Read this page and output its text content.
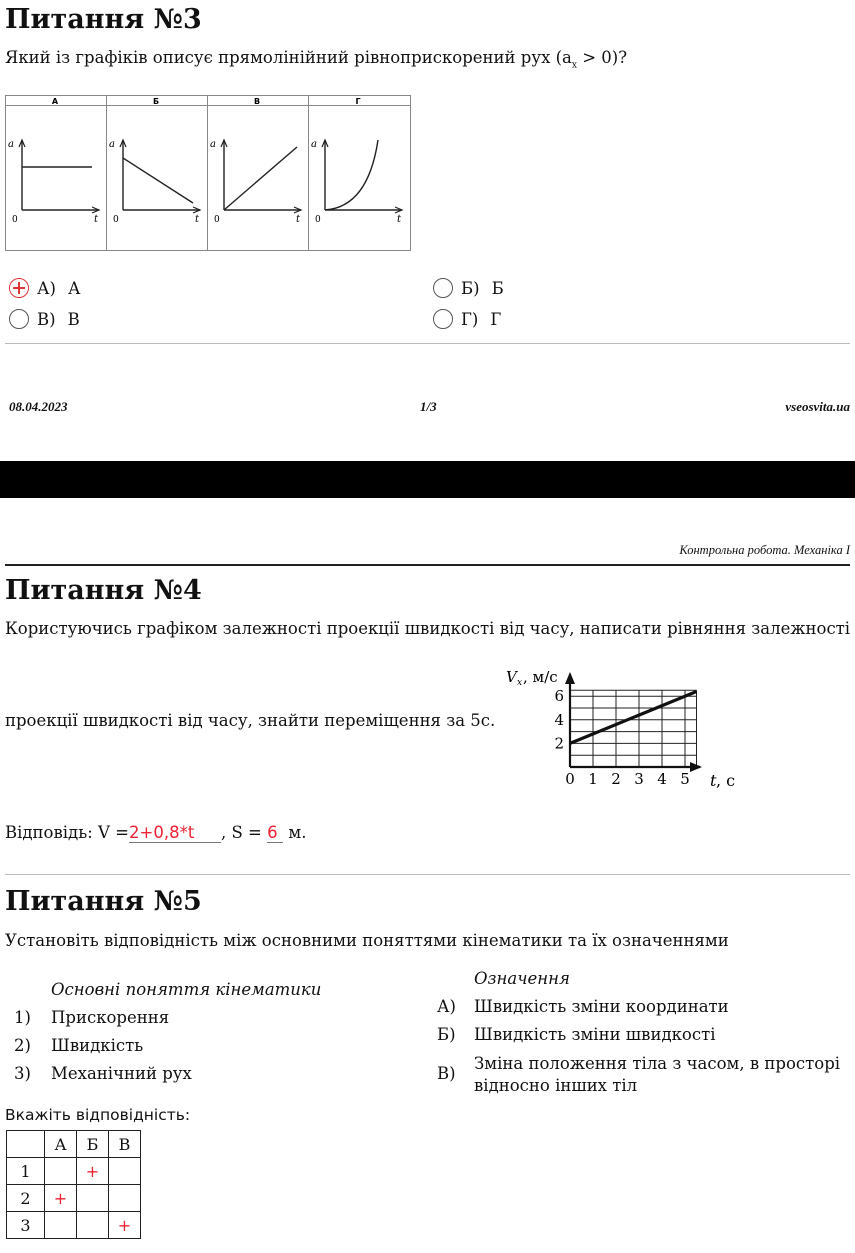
Питання №3
Який із графіків описує прямолінійний рівноприскорений рух $(a_x > 0)$?
А
a
t
0
Б
a
t
0
В
a
t
0
Г
a
t
0
А) А	Б) Б
В) В	Г) Г
08.04.2023	1/3	vseosvita.ua
Контрольна робота. Механіка І
Питання №4
Користуючись графіком залежності проекції швидкості від часу, написати рівняння залежності
проекції швидкості від часу, знайти переміщення за 5с.
V x , м/с
0 1 2 3 4 5
2
4
6
t , с
Відповідь: V =2+0,8*t , S = 6 м.
Питання №5
Установіть відповідність між основними поняттями кінематики та їх означеннями
Основні поняття кінематики
1) Прискорення
2) Швидкість
3) Механічний рух
Означення
А) Швидкість зміни координати
Б) Швидкість зміни швидкості
В)
Зміна положення тіла з часом, в просторі відносно інших тіл
Вкажіть відповідність:
	А	Б	В
1		+	
2	+		
3			+
